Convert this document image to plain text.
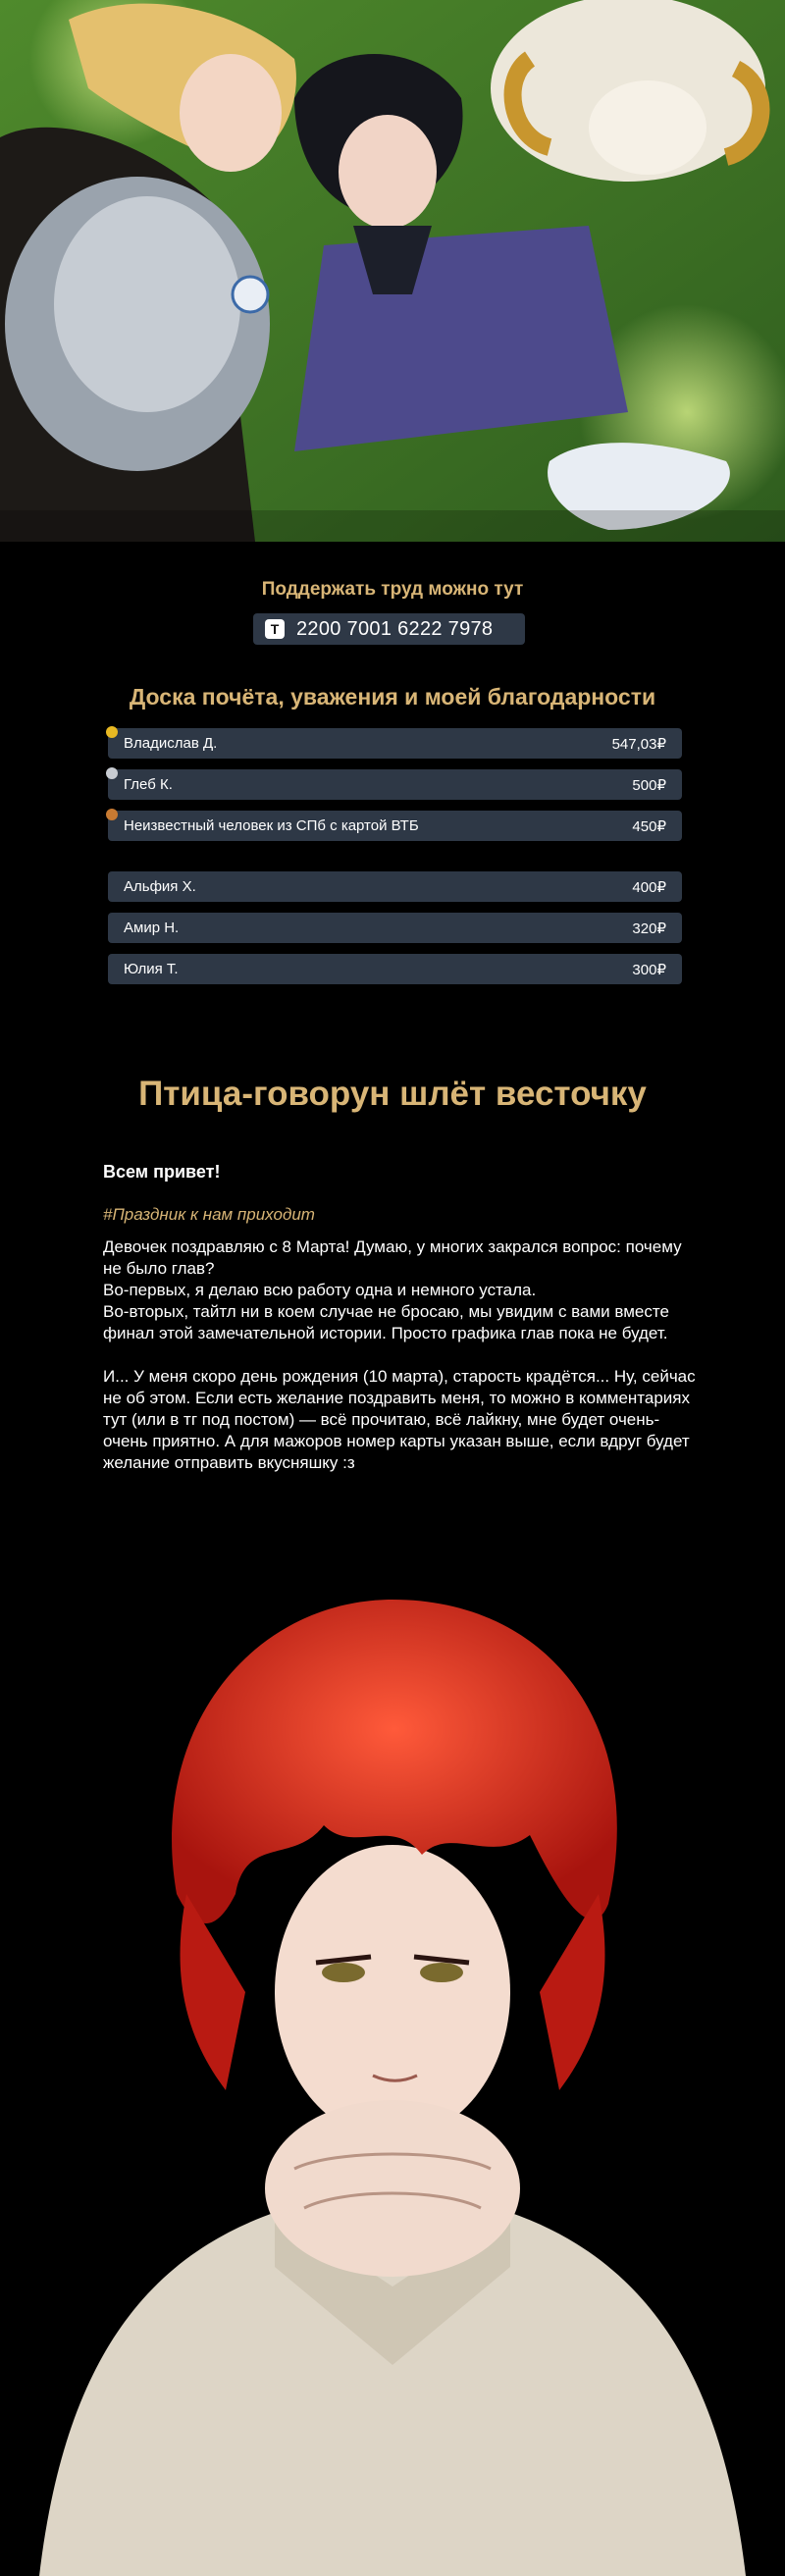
Поддержать труд можно тут
T 2200 7001 6222 7978
Доска почёта, уважения и моей благодарности
Владислав Д.	547,03₽
Глеб К.	500₽
Неизвестный человек из СПб с картой ВТБ	450₽
Альфия Х.	400₽
Амир Н.	320₽
Юлия Т.	300₽
Птица-говорун шлёт весточку
Всем привет!
#Праздник к нам приходит

Девочек поздравляю с 8 Марта! Думаю, у многих закрался вопрос: почему не было глав?

Во-первых, я делаю всю работу одна и немного устала.

Во-вторых, тайтл ни в коем случае не бросаю, мы увидим с вами вместе финал этой замечательной истории. Просто графика глав пока не будет.

И... У меня скоро день рождения (10 марта), старость крадётся... Ну, сейчас не об этом. Если есть желание поздравить меня, то можно в комментариях тут (или в тг под постом) — всё прочитаю, всё лайкну, мне будет очень-очень приятно. А для мажоров номер карты указан выше, если вдруг будет желание отправить вкусняшку :з
